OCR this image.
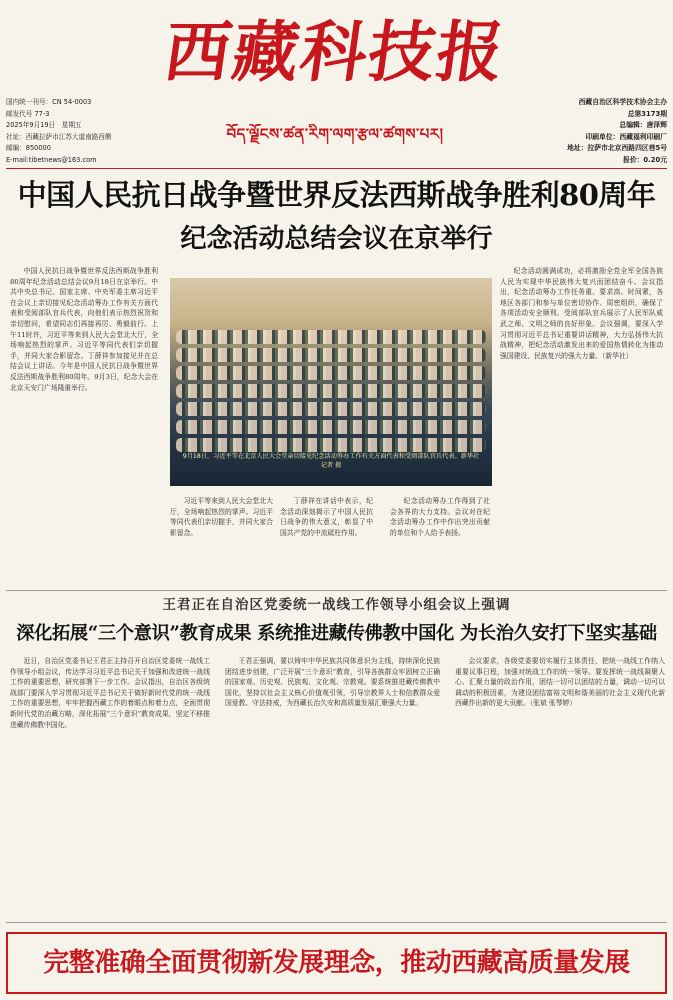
国内统一刊号：CN 54-0003
邮发代号 77-3
2025年9月19日　星期五
社址：西藏拉萨市江苏大道南路西侧
邮编：850000
E-mail:tibetnews@163.com
西藏科技报
བོད་ལྗོངས་ཚན་རིག་ལག་རྩལ་ཚགས་པར།
西藏自治区科学技术协会主办
总第3173期
总编辑：唐泽辉
印刷单位：西藏福利印刷厂
地址：拉萨市北京西路四区巷5号
报价：0.20元
中国人民抗日战争暨世界反法西斯战争胜利80周年
纪念活动总结会议在京举行

中国人民抗日战争暨世界反法西斯战争胜利80周年纪念活动总结会议9月18日在京举行。中共中央总书记、国家主席、中央军委主席习近平在会议上亲切接见纪念活动筹办工作有关方面代表和受阅部队官兵代表，向他们表示热烈祝贺和亲切慰问，希望同志们再接再厉、勇毅前行。上午11时许，习近平等来到人民大会堂北大厅，全场响起热烈的掌声。习近平等同代表们亲切握手，并同大家合影留念。丁薛祥参加接见并在总结会议上讲话。今年是中国人民抗日战争暨世界反法西斯战争胜利80周年。9月3日，纪念大会在北京天安门广场隆重举行。

9月18日，习近平等在北京人民大会堂亲切接见纪念活动筹办工作有关方面代表和受阅部队官兵代表。新华社记者 摄

习近平等来到人民大会堂北大厅，全场响起热烈的掌声。习近平等同代表们亲切握手，并同大家合影留念。

丁薛祥在讲话中表示，纪念活动深刻揭示了中国人民抗日战争的伟大意义，彰显了中国共产党的中流砥柱作用。

纪念活动筹办工作得到了社会各界的大力支持。会议对在纪念活动筹办工作中作出突出贡献的单位和个人给予表扬。

纪念活动圆满成功，必将激励全党全军全国各族人民为实现中华民族伟大复兴而团结奋斗。会议指出，纪念活动筹办工作任务重、要求高、时间紧，各地区各部门和参与单位密切协作、周密组织，确保了各项活动安全顺利。受阅部队官兵展示了人民军队威武之师、文明之师的良好形象。会议强调，要深入学习贯彻习近平总书记重要讲话精神，大力弘扬伟大抗战精神，把纪念活动激发出来的爱国热情转化为推动强国建设、民族复兴的强大力量。（新华社）

王君正在自治区党委统一战线工作领导小组会议上强调
深化拓展“三个意识”教育成果 系统推进藏传佛教中国化 为长治久安打下坚实基础

近日，自治区党委书记王君正主持召开自治区党委统一战线工作领导小组会议，传达学习习近平总书记关于加强和改进统一战线工作的重要思想，研究部署下一步工作。会议指出，自治区各级统战部门要深入学习贯彻习近平总书记关于做好新时代党的统一战线工作的重要思想，牢牢把握西藏工作的着眼点和着力点，全面贯彻新时代党的治藏方略，深化拓展“三个意识”教育成果，坚定不移推进藏传佛教中国化。

王君正强调，要以铸牢中华民族共同体意识为主线，持续深化民族团结进步创建，广泛开展“三个意识”教育，引导各族群众牢固树立正确的国家观、历史观、民族观、文化观、宗教观。要系统推进藏传佛教中国化，坚持以社会主义核心价值观引领，引导宗教界人士和信教群众爱国爱教、守法持戒，为西藏长治久安和高质量发展汇聚强大力量。

会议要求，各级党委要切实履行主体责任，把统一战线工作纳入重要议事日程，加强对统战工作的统一领导。要发挥统一战线凝聚人心、汇聚力量的政治作用，团结一切可以团结的力量，调动一切可以调动的积极因素，为建设团结富裕文明和谐美丽的社会主义现代化新西藏作出新的更大贡献。（张斌 张琴婷）

完整准确全面贯彻新发展理念，推动西藏高质量发展
